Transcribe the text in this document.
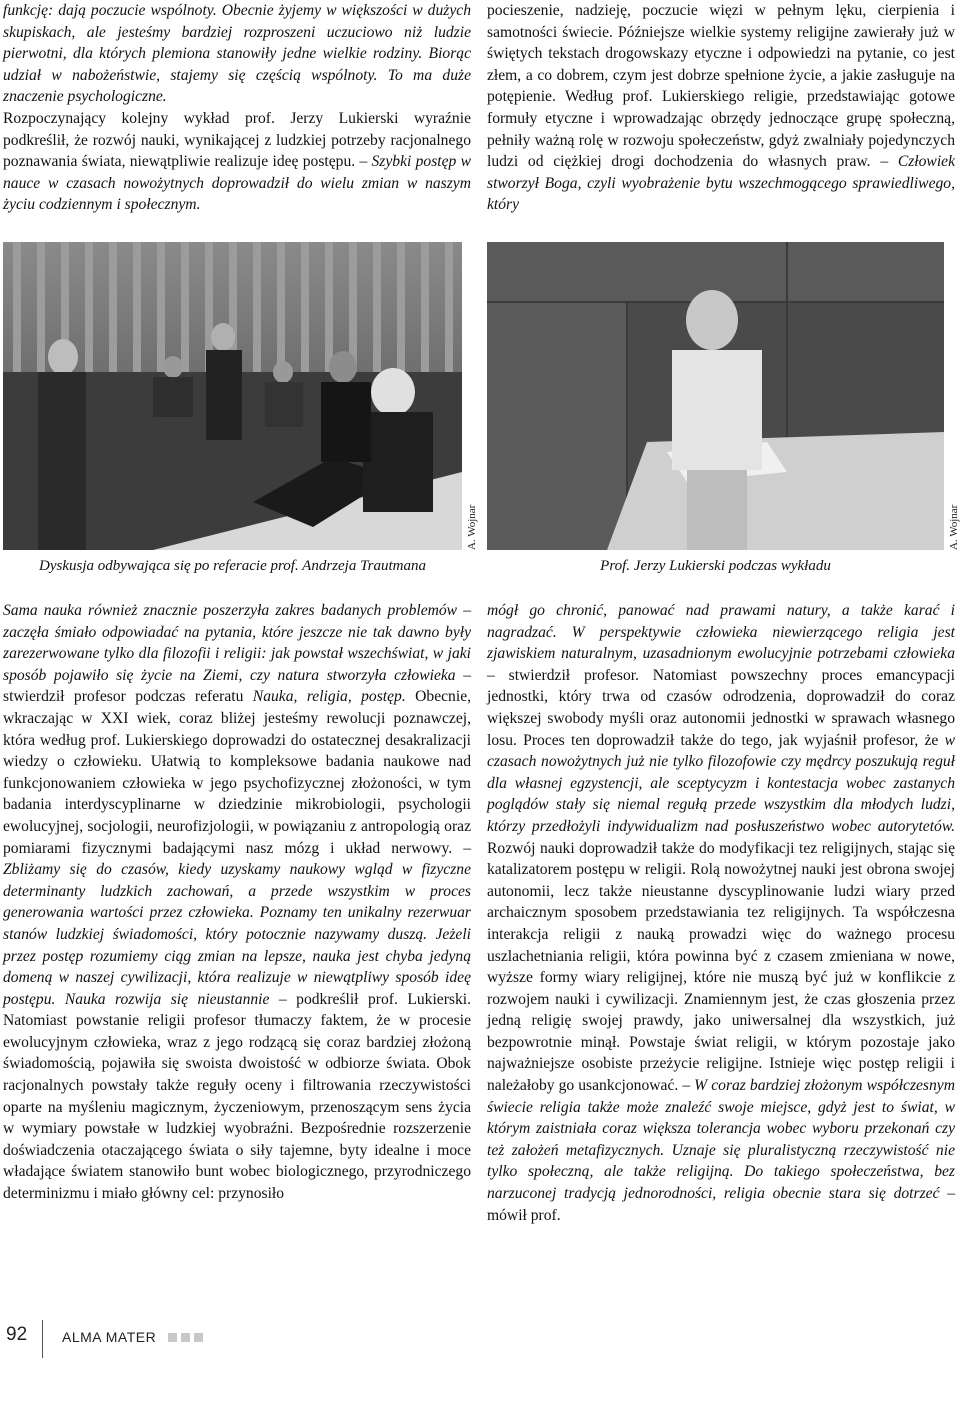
funkcję: dają poczucie wspólnoty. Obecnie żyjemy w większości w dużych skupiskach, ale jesteśmy bardziej rozproszeni uczuciowo niż ludzie pierwotni, dla których plemiona stanowiły jedne wielkie rodziny. Biorąc udział w nabożeństwie, stajemy się częścią wspólnoty. To ma duże znaczenie psychologiczne.

Rozpoczynający kolejny wykład prof. Jerzy Lukierski wyraźnie podkreślił, że rozwój nauki, wynikającej z ludzkiej potrzeby racjonalnego poznawania świata, niewątpliwie realizuje ideę postępu. – Szybki postęp w nauce w czasach nowożytnych doprowadził do wielu zmian w naszym życiu codziennym i społecznym.

pocieszenie, nadzieję, poczucie więzi w pełnym lęku, cierpienia i samotności świecie. Późniejsze wielkie systemy religijne zawierały już w świętych tekstach drogowskazy etyczne i odpowiedzi na pytanie, co jest złem, a co dobrem, czym jest dobrze spełnione życie, a jakie zasługuje na potępienie. Według prof. Lukierskiego religie, przedstawiając gotowe formuły etyczne i wprowadzając obrzędy jednoczące grupę społeczną, pełniły ważną rolę w rozwoju społeczeństw, gdyż zwalniały pojedynczych ludzi od ciężkiej drogi dochodzenia do własnych praw. – Człowiek stworzył Boga, czyli wyobrażenie bytu wszechmogącego sprawiedliwego, który

A. Wojnar
Dyskusja odbywająca się po referacie prof. Andrzeja Trautmana
A. Wojnar
Prof. Jerzy Lukierski podczas wykładu

Sama nauka również znacznie poszerzyła zakres badanych problemów – zaczęła śmiało odpowiadać na pytania, które jeszcze nie tak dawno były zarezerwowane tylko dla filozofii i religii: jak powstał wszechświat, w jaki sposób pojawiło się życie na Ziemi, czy natura stworzyła człowieka – stwierdził profesor podczas referatu Nauka, religia, postęp. Obecnie, wkraczając w XXI wiek, coraz bliżej jesteśmy rewolucji poznawczej, która według prof. Lukierskiego doprowadzi do ostatecznej desakralizacji wiedzy o człowieku. Ułatwią to kompleksowe badania naukowe nad funkcjonowaniem człowieka w jego psychofizycznej złożoności, w tym badania interdyscyplinarne w dziedzinie mikrobiologii, psychologii ewolucyjnej, socjologii, neurofizjologii, w powiązaniu z antropologią oraz pomiarami fizycznymi badającymi nasz mózg i układ nerwowy. – Zbliżamy się do czasów, kiedy uzyskamy naukowy wgląd w fizyczne determinanty ludzkich zachowań, a przede wszystkim w proces generowania wartości przez człowieka. Poznamy ten unikalny rezerwuar stanów ludzkiej świadomości, który potocznie nazywamy duszą. Jeżeli przez postęp rozumiemy ciąg zmian na lepsze, nauka jest chyba jedyną domeną w naszej cywilizacji, która realizuje w niewątpliwy sposób ideę postępu. Nauka rozwija się nieustannie – podkreślił prof. Lukierski. Natomiast powstanie religii profesor tłumaczy faktem, że w procesie ewolucyjnym człowieka, wraz z jego rodzącą się coraz bardziej złożoną świadomością, pojawiła się swoista dwoistość w odbiorze świata. Obok racjonalnych powstały także reguły oceny i filtrowania rzeczywistości oparte na myśleniu magicznym, życzeniowym, przenoszącym sens życia w wymiary powstałe w ludzkiej wyobraźni. Bezpośrednie rozszerzenie doświadczenia otaczającego świata o siły tajemne, byty idealne i moce władające światem stanowiło bunt wobec biologicznego, przyrodniczego determinizmu i miało główny cel: przynosiło

mógł go chronić, panować nad prawami natury, a także karać i nagradzać. W perspektywie człowieka niewierzącego religia jest zjawiskiem naturalnym, uzasadnionym ewolucyjnie potrzebami człowieka – stwierdził profesor. Natomiast powszechny proces emancypacji jednostki, który trwa od czasów odrodzenia, doprowadził do coraz większej swobody myśli oraz autonomii jednostki w sprawach własnego losu. Proces ten doprowadził także do tego, jak wyjaśnił profesor, że w czasach nowożytnych już nie tylko filozofowie czy mędrcy poszukują reguł dla własnej egzystencji, ale sceptycyzm i kontestacja wobec zastanych poglądów stały się niemal regułą przede wszystkim dla młodych ludzi, którzy przedłożyli indywidualizm nad posłuszeństwo wobec autorytetów. Rozwój nauki doprowadził także do modyfikacji tez religijnych, stając się katalizatorem postępu w religii. Rolą nowożytnej nauki jest obrona swojej autonomii, lecz także nieustanne dyscyplinowanie ludzi wiary przed archaicznym sposobem przedstawiania tez religijnych. Ta współczesna interakcja religii z nauką prowadzi więc do ważnego procesu uszlachetniania religii, która powinna być z czasem zmieniana w nowe, wyższe formy wiary religijnej, które nie muszą być już w konflikcie z rozwojem nauki i cywilizacji. Znamiennym jest, że czas głoszenia przez jedną religię swojej prawdy, jako uniwersalnej dla wszystkich, już bezpowrotnie minął. Powstaje świat religii, w którym pozostaje jako najważniejsze osobiste przeżycie religijne. Istnieje więc postęp religii i należałoby go usankcjonować. – W coraz bardziej złożonym współczesnym świecie religia także może znaleźć swoje miejsce, gdyż jest to świat, w którym zaistniała coraz większa tolerancja wobec wyboru przekonań czy też założeń metafizycznych. Uznaje się pluralistyczną rzeczywistość nie tylko społeczną, ale także religijną. Do takiego społeczeństwa, bez narzuconej tradycją jednorodności, religia obecnie stara się dotrzeć – mówił prof.

92 ALMA MATER
